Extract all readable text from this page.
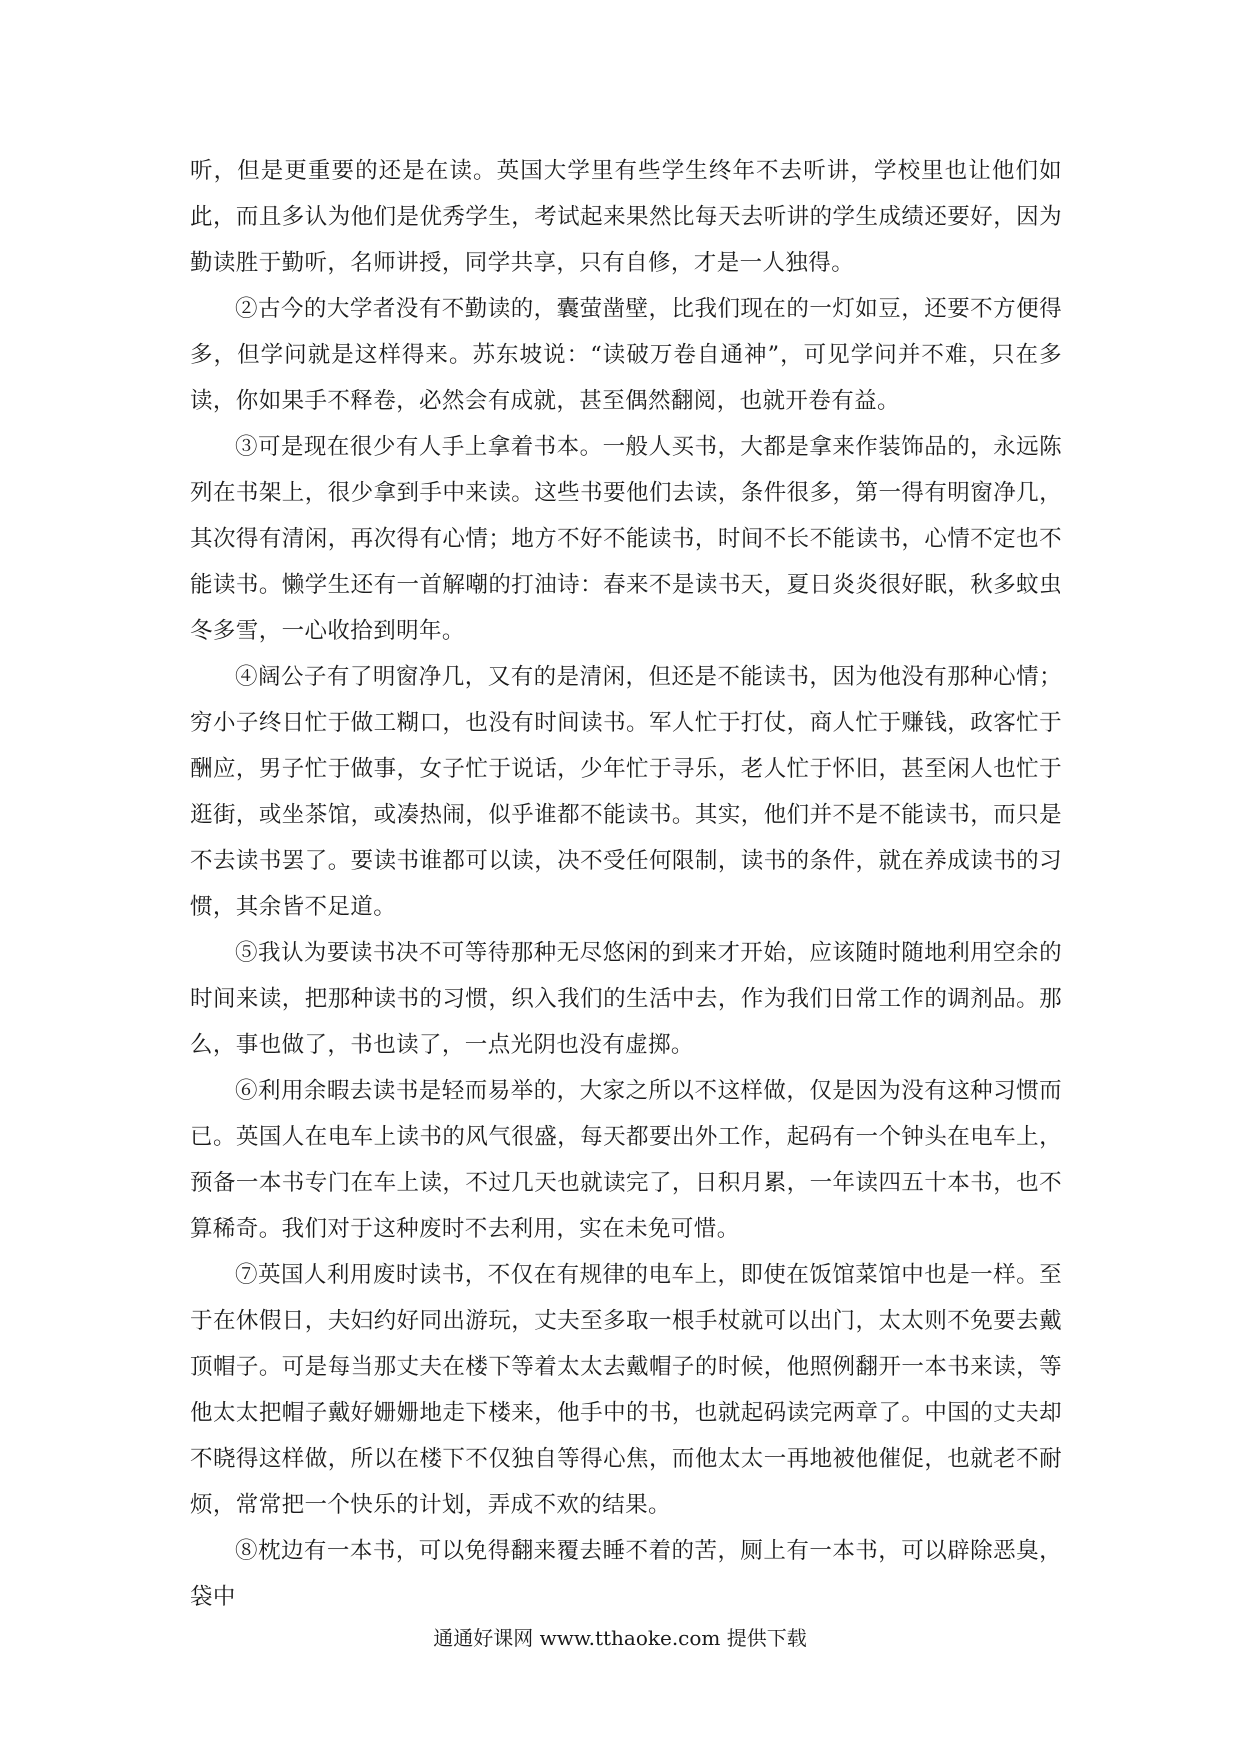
听，但是更重要的还是在读。英国大学里有些学生终年不去听讲，学校里也让他们如此，而且多认为他们是优秀学生，考试起来果然比每天去听讲的学生成绩还要好，因为勤读胜于勤听，名师讲授，同学共享，只有自修，才是一人独得。

②古今的大学者没有不勤读的，囊萤凿壁，比我们现在的一灯如豆，还要不方便得多，但学问就是这样得来。苏东坡说：“读破万卷自通神”，可见学问并不难，只在多读，你如果手不释卷，必然会有成就，甚至偶然翻阅，也就开卷有益。

③可是现在很少有人手上拿着书本。一般人买书，大都是拿来作装饰品的，永远陈列在书架上，很少拿到手中来读。这些书要他们去读，条件很多，第一得有明窗净几，其次得有清闲，再次得有心情；地方不好不能读书，时间不长不能读书，心情不定也不能读书。懒学生还有一首解嘲的打油诗：春来不是读书天，夏日炎炎很好眠，秋多蚊虫冬多雪，一心收拾到明年。

④阔公子有了明窗净几，又有的是清闲，但还是不能读书，因为他没有那种心情；穷小子终日忙于做工糊口，也没有时间读书。军人忙于打仗，商人忙于赚钱，政客忙于酬应，男子忙于做事，女子忙于说话，少年忙于寻乐，老人忙于怀旧，甚至闲人也忙于逛街，或坐茶馆，或凑热闹，似乎谁都不能读书。其实，他们并不是不能读书，而只是不去读书罢了。要读书谁都可以读，决不受任何限制，读书的条件，就在养成读书的习惯，其余皆不足道。

⑤我认为要读书决不可等待那种无尽悠闲的到来才开始，应该随时随地利用空余的时间来读，把那种读书的习惯，织入我们的生活中去，作为我们日常工作的调剂品。那么，事也做了，书也读了，一点光阴也没有虚掷。

⑥利用余暇去读书是轻而易举的，大家之所以不这样做，仅是因为没有这种习惯而已。英国人在电车上读书的风气很盛，每天都要出外工作，起码有一个钟头在电车上，预备一本书专门在车上读，不过几天也就读完了，日积月累，一年读四五十本书，也不算稀奇。我们对于这种废时不去利用，实在未免可惜。

⑦英国人利用废时读书，不仅在有规律的电车上，即使在饭馆菜馆中也是一样。至于在休假日，夫妇约好同出游玩，丈夫至多取一根手杖就可以出门，太太则不免要去戴顶帽子。可是每当那丈夫在楼下等着太太去戴帽子的时候，他照例翻开一本书来读，等他太太把帽子戴好姗姗地走下楼来，他手中的书，也就起码读完两章了。中国的丈夫却不晓得这样做，所以在楼下不仅独自等得心焦，而他太太一再地被他催促，也就老不耐烦，常常把一个快乐的计划，弄成不欢的结果。

⑧枕边有一本书，可以免得翻来覆去睡不着的苦，厕上有一本书，可以辟除恶臭，袋中

通通好课网 www.tthaoke.com 提供下载
